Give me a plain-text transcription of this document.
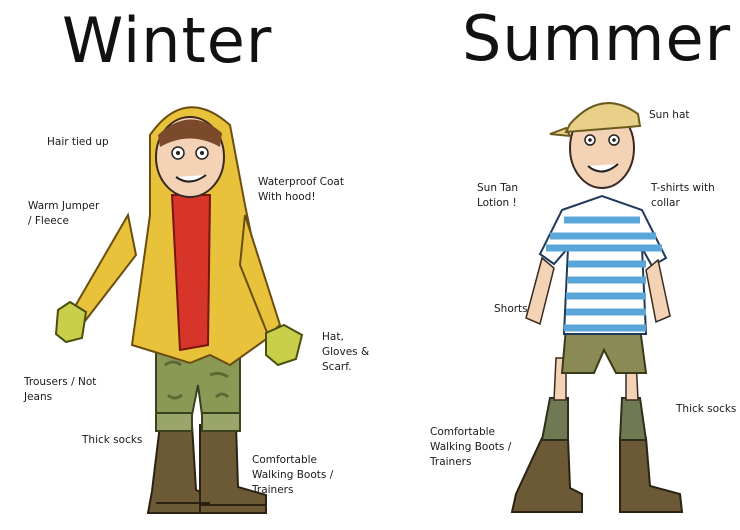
Winter	Summer
Hair tied up
Warm Jumper
/ Fleece
Waterproof Coat
With hood!
Hat,
Gloves &
Scarf.
Trousers / Not
Jeans
Thick socks
Comfortable
Walking Boots /
Trainers
Sun hat
Sun Tan
Lotion !
T-shirts with
collar
Shorts
Thick socks
Comfortable
Walking Boots /
Trainers
